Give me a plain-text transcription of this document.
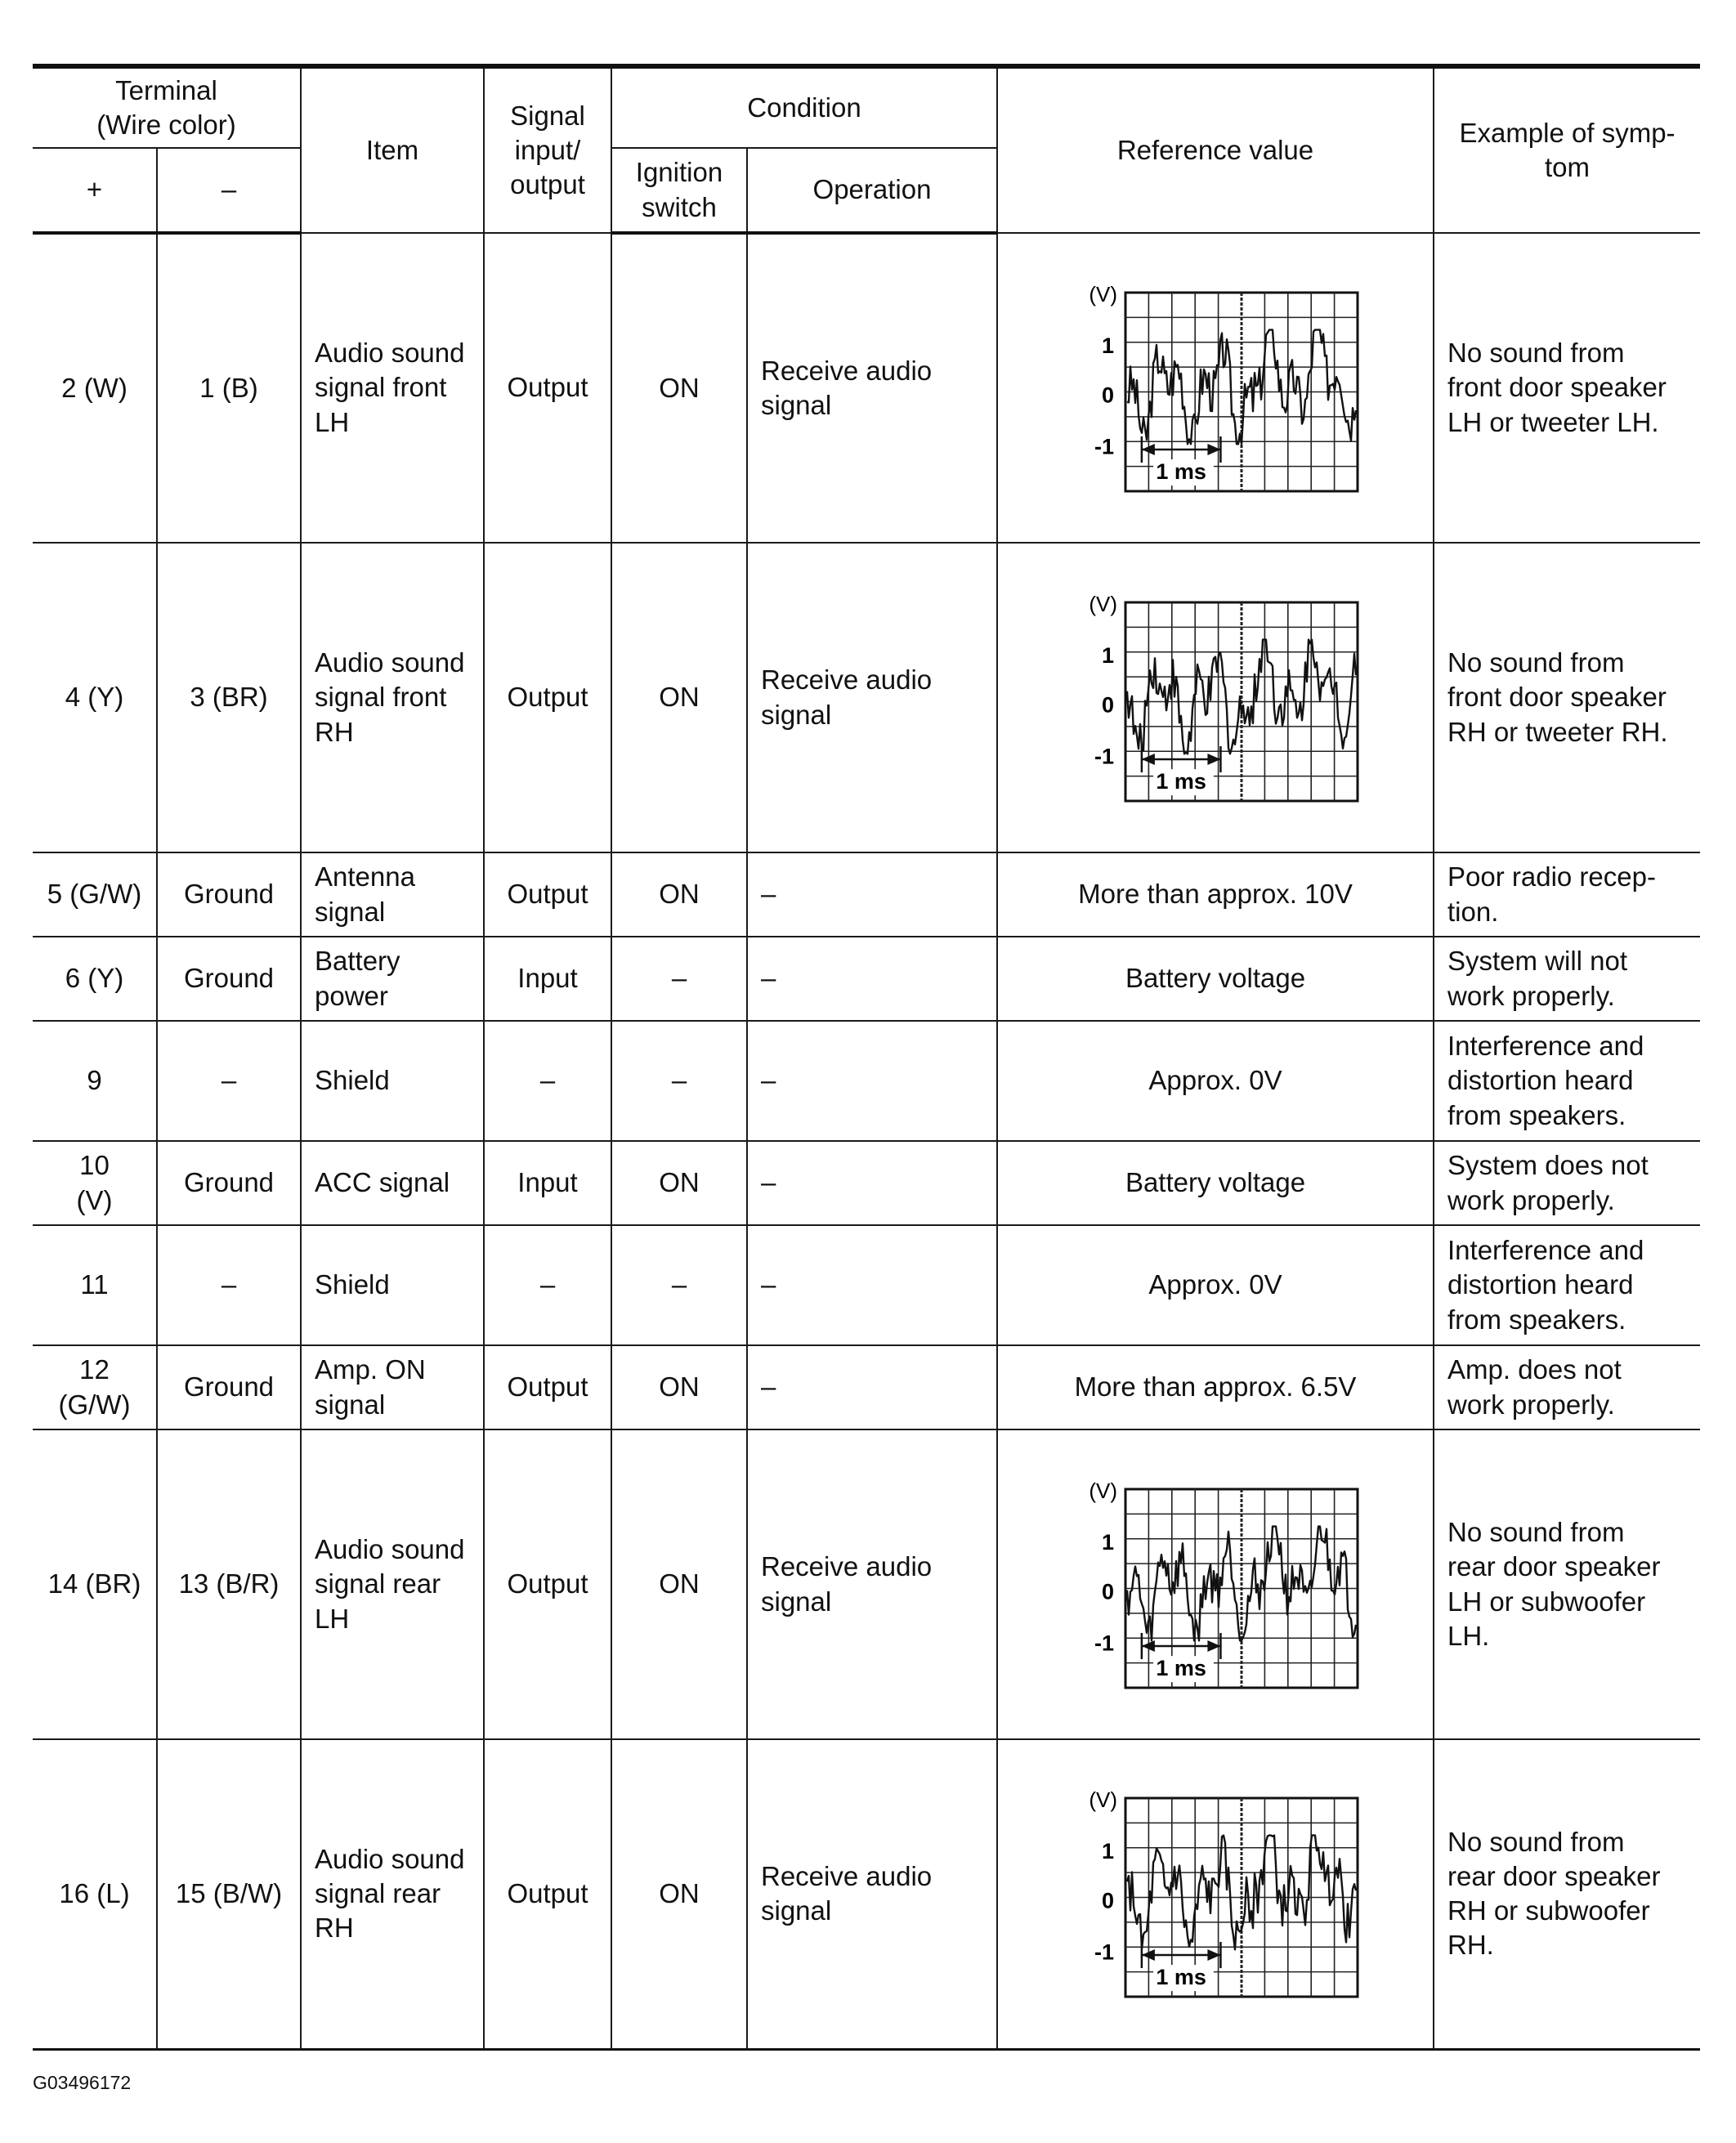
Terminal
(Wire color)		Item	Signal
input/
output	Condition		Reference value	Example of symp-
tom
+	–			Ignition
switch	Operation		
2 (W)	1 (B)	Audio sound
signal front
LH	Output	ON	Receive audio
signal	(V)
1
0
-1
1 ms	No sound from
front door speaker
LH or tweeter LH.
4 (Y)	3 (BR)	Audio sound
signal front
RH	Output	ON	Receive audio
signal	(V)
1
0
-1
1 ms	No sound from
front door speaker
RH or tweeter RH.
5 (G/W)	Ground	Antenna
signal	Output	ON	–	More than approx. 10V	Poor radio recep-
tion.
6 (Y)	Ground	Battery
power	Input	–	–	Battery voltage	System will not
work properly.
9	–	Shield	–	–	–	Approx. 0V	Interference and
distortion heard
from speakers.
10
(V)	Ground	ACC signal	Input	ON	–	Battery voltage	System does not
work properly.
11	–	Shield	–	–	–	Approx. 0V	Interference and
distortion heard
from speakers.
12
(G/W)	Ground	Amp. ON
signal	Output	ON	–	More than approx. 6.5V	Amp. does not
work properly.
14 (BR)	13 (B/R)	Audio sound
signal rear
LH	Output	ON	Receive audio
signal	(V)
1
0
-1
1 ms	No sound from
rear door speaker
LH or subwoofer
LH.
16 (L)	15 (B/W)	Audio sound
signal rear
RH	Output	ON	Receive audio
signal	(V)
1
0
-1
1 ms	No sound from
rear door speaker
RH or subwoofer
RH.
G03496172
